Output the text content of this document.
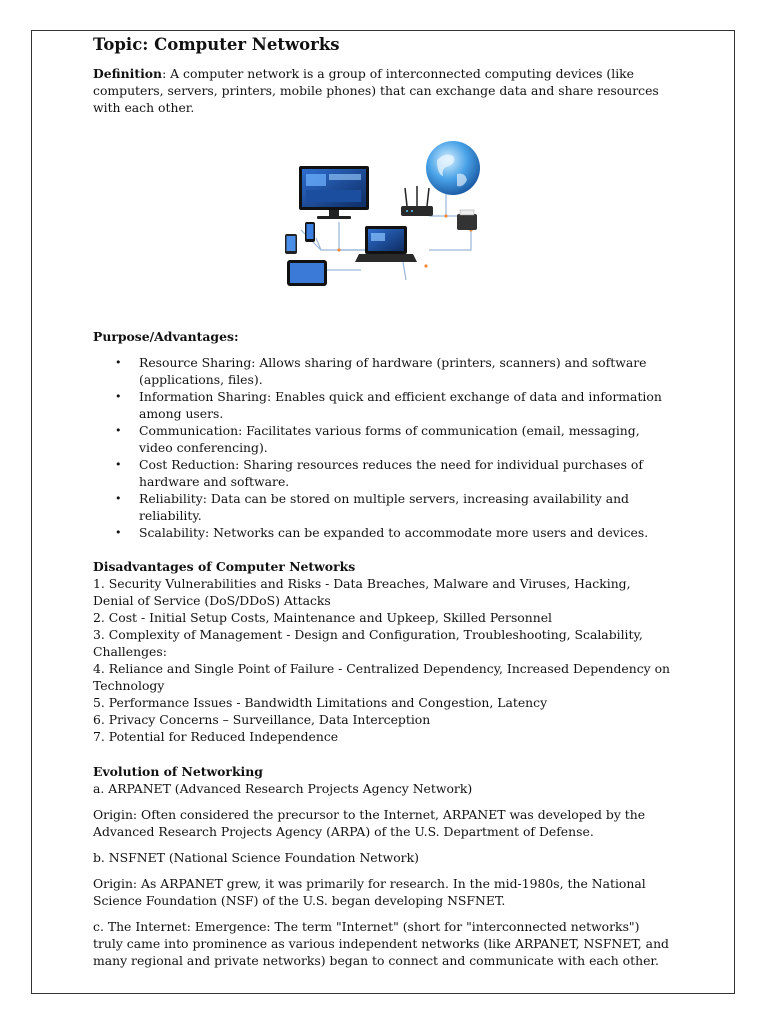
Topic: Computer Networks

Definition: A computer network is a group of interconnected computing devices (like computers, servers, printers, mobile phones) that can exchange data and share resources with each other.

Purpose/Advantages:

• Resource Sharing: Allows sharing of hardware (printers, scanners) and software (applications, files).
• Information Sharing: Enables quick and efficient exchange of data and information among users.
• Communication: Facilitates various forms of communication (email, messaging, video conferencing).
• Cost Reduction: Sharing resources reduces the need for individual purchases of hardware and software.
• Reliability: Data can be stored on multiple servers, increasing availability and reliability.
• Scalability: Networks can be expanded to accommodate more users and devices.

Disadvantages of Computer Networks

1. Security Vulnerabilities and Risks - Data Breaches, Malware and Viruses, Hacking, Denial of Service (DoS/DDoS) Attacks

2. Cost - Initial Setup Costs, Maintenance and Upkeep, Skilled Personnel

3. Complexity of Management - Design and Configuration, Troubleshooting, Scalability, Challenges:

4. Reliance and Single Point of Failure - Centralized Dependency, Increased Dependency on Technology

5. Performance Issues - Bandwidth Limitations and Congestion, Latency

6. Privacy Concerns – Surveillance, Data Interception

7. Potential for Reduced Independence

Evolution of Networking

a. ARPANET (Advanced Research Projects Agency Network)

Origin: Often considered the precursor to the Internet, ARPANET was developed by the Advanced Research Projects Agency (ARPA) of the U.S. Department of Defense.

b. NSFNET (National Science Foundation Network)

Origin: As ARPANET grew, it was primarily for research. In the mid-1980s, the National Science Foundation (NSF) of the U.S. began developing NSFNET.

c. The Internet: Emergence: The term "Internet" (short for "interconnected networks") truly came into prominence as various independent networks (like ARPANET, NSFNET, and many regional and private networks) began to connect and communicate with each other.
